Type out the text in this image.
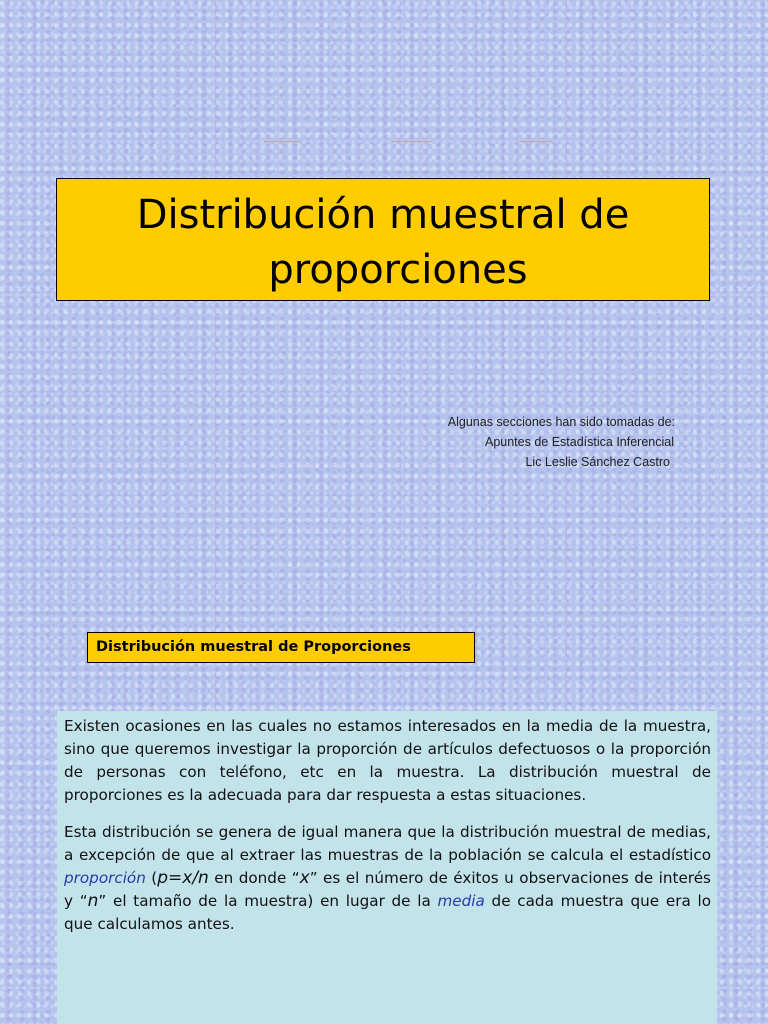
Distribución muestral de
proporciones
Algunas secciones han sido tomadas de:
Apuntes de Estadística Inferencial
Lic Leslie Sánchez Castro
Distribución muestral de Proporciones

Existen ocasiones en las cuales no estamos interesados en la media de la muestra, sino que queremos investigar la proporción de artículos defectuosos o la proporción de personas con teléfono, etc en la muestra. La distribución muestral de proporciones es la adecuada para dar respuesta a estas situaciones.

Esta distribución se genera de igual manera que la distribución muestral de medias, a excepción de que al extraer las muestras de la población se calcula el estadístico proporción (p=x/n en donde “x” es el número de éxitos u observaciones de interés y “n” el tamaño de la muestra) en lugar de la media de cada muestra que era lo que calculamos antes.
